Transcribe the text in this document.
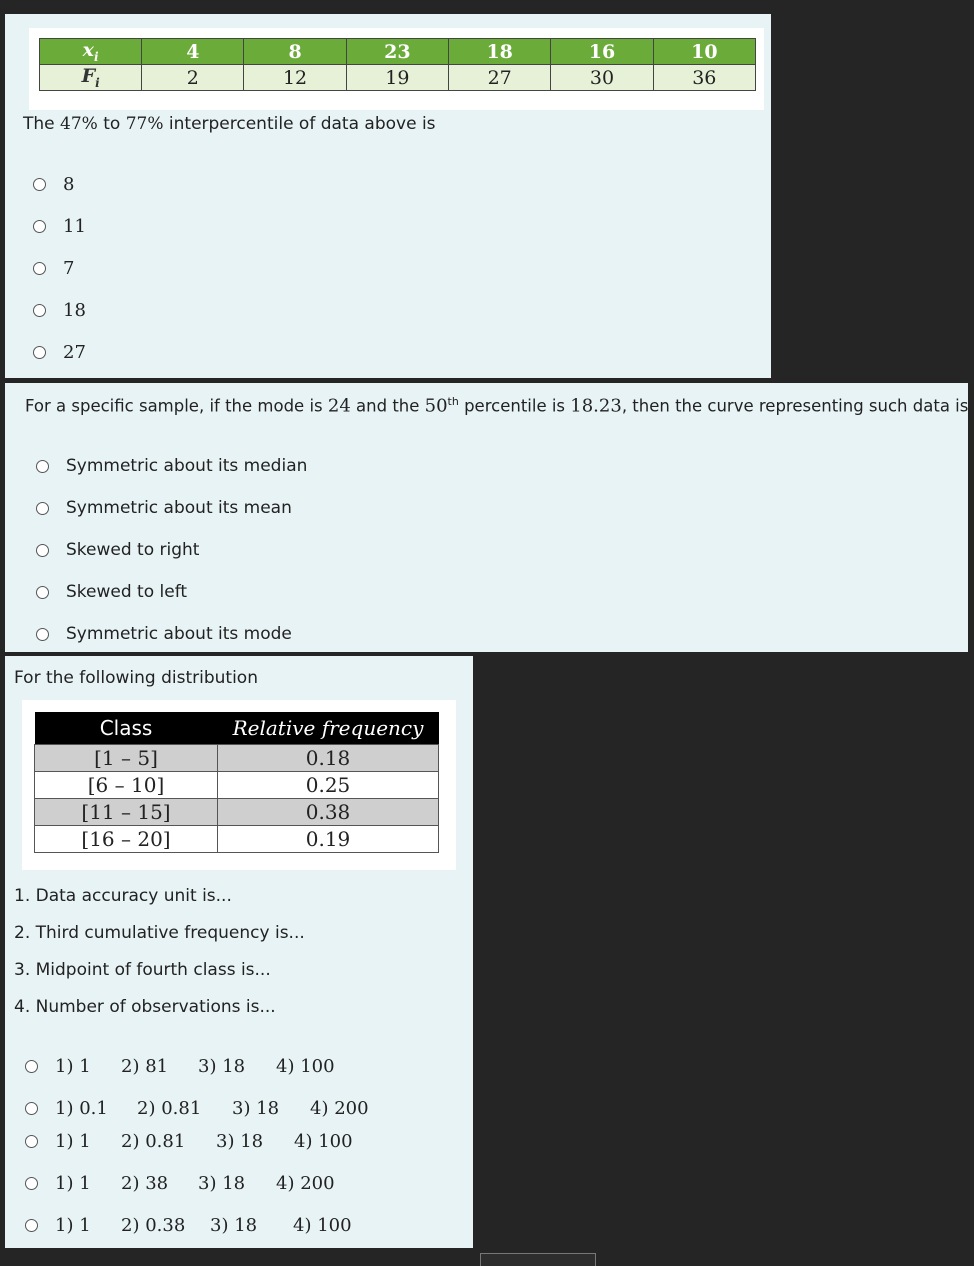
$x_i$	4	8	23	18	16	10
$F_i$	2	12	19	27	30	36
The 47% to 77% interpercentile of data above is
8
11
7
18
27
For a specific sample, if the mode is 24 and the 50th percentile is 18.23, then the curve representing such data is
Symmetric about its median
Symmetric about its mean
Skewed to right
Skewed to left
Symmetric about its mode
For the following distribution
Class	Relative frequency
[1 – 5]	0.18
[6 – 10]	0.25
[11 – 15]	0.38
[16 – 20]	0.19
1. Data accuracy unit is...
2. Third cumulative frequency is...
3. Midpoint of fourth class is...
4. Number of observations is...
1) 1	2) 81	3) 18	4) 100
1) 0.1	2) 0.81	3) 18	4) 200
1) 1	2) 0.81	3) 18	4) 100
1) 1	2) 38	3) 18	4) 200
1) 1	2) 0.38	3) 18	4) 100
